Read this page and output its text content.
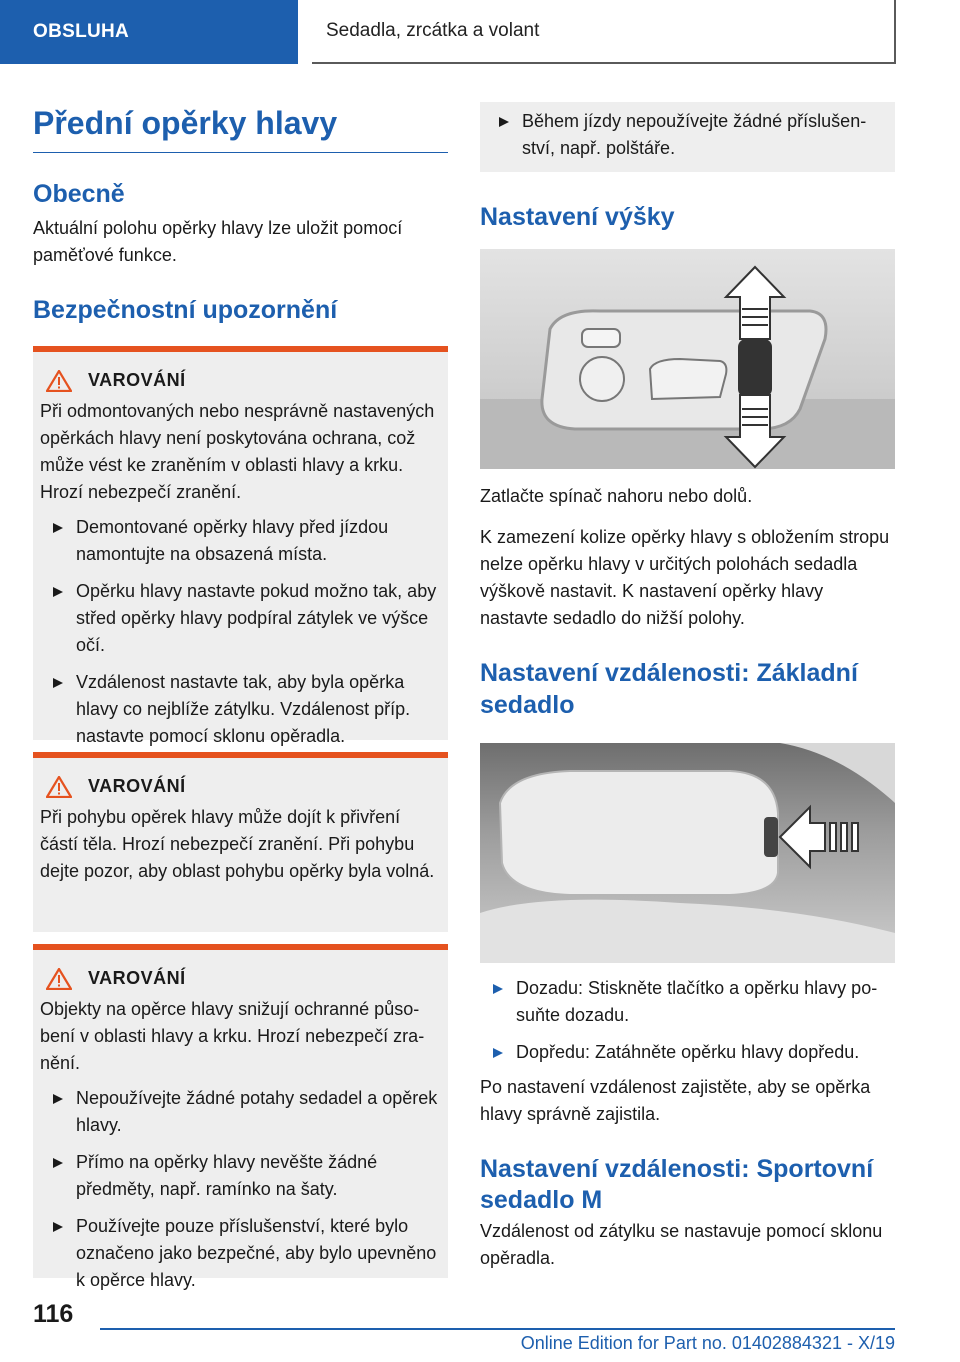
OBSLUHA	Sedadla, zrcátka a volant
Přední opěrky hlavy
Obecně

Aktuální polohu opěrky hlavy lze uložit pomocí paměťové funkce.

Bezpečnostní upozornění
VAROVÁNÍ

Při odmontovaných nebo nesprávně nastavených opěrkách hlavy není poskytována ochrana, což může vést ke zraněním v oblasti hlavy a krku. Hrozí nebezpečí zranění.

Demontované opěrky hlavy před jízdou namontujte na obsazená místa.
Opěrku hlavy nastavte pokud možno tak, aby střed opěrky hlavy podpíral zátylek ve výšce očí.
Vzdálenost nastavte tak, aby byla opěrka hlavy co nejblíže zátylku. Vzdálenost příp. nastavte pomocí sklonu opěradla.
VAROVÁNÍ

Při pohybu opěrek hlavy může dojít k přivření částí těla. Hrozí nebezpečí zranění. Při pohybu dejte pozor, aby oblast pohybu opěrky byla volná.

VAROVÁNÍ

Objekty na opěrce hlavy snižují ochranné působení v oblasti hlavy a krku. Hrozí nebezpečí zranění.

Nepoužívejte žádné potahy sedadel a opěrek hlavy.
Přímo na opěrky hlavy nevěšte žádné předměty, např. ramínko na šaty.
Používejte pouze příslušenství, které bylo označeno jako bezpečné, aby bylo upevněno k opěrce hlavy.
Během jízdy nepoužívejte žádné příslušenství, např. polštáře.
Nastavení výšky

Zatlačte spínač nahoru nebo dolů.

K zamezení kolize opěrky hlavy s obložením stropu nelze opěrku hlavy v určitých polohách sedadla výškově nastavit. K nastavení opěrky hlavy nastavte sedadlo do nižší polohy.

Nastavení vzdálenosti: Základní sedadlo
Dozadu: Stiskněte tlačítko a opěrku hlavy posuňte dozadu.
Dopředu: Zatáhněte opěrku hlavy dopředu.

Po nastavení vzdálenost zajistěte, aby se opěrka hlavy správně zajistila.

Nastavení vzdálenosti: Sportovní sedadlo M

Vzdálenost od zátylku se nastavuje pomocí sklonu opěradla.

116
Online Edition for Part no. 01402884321 - X/19
